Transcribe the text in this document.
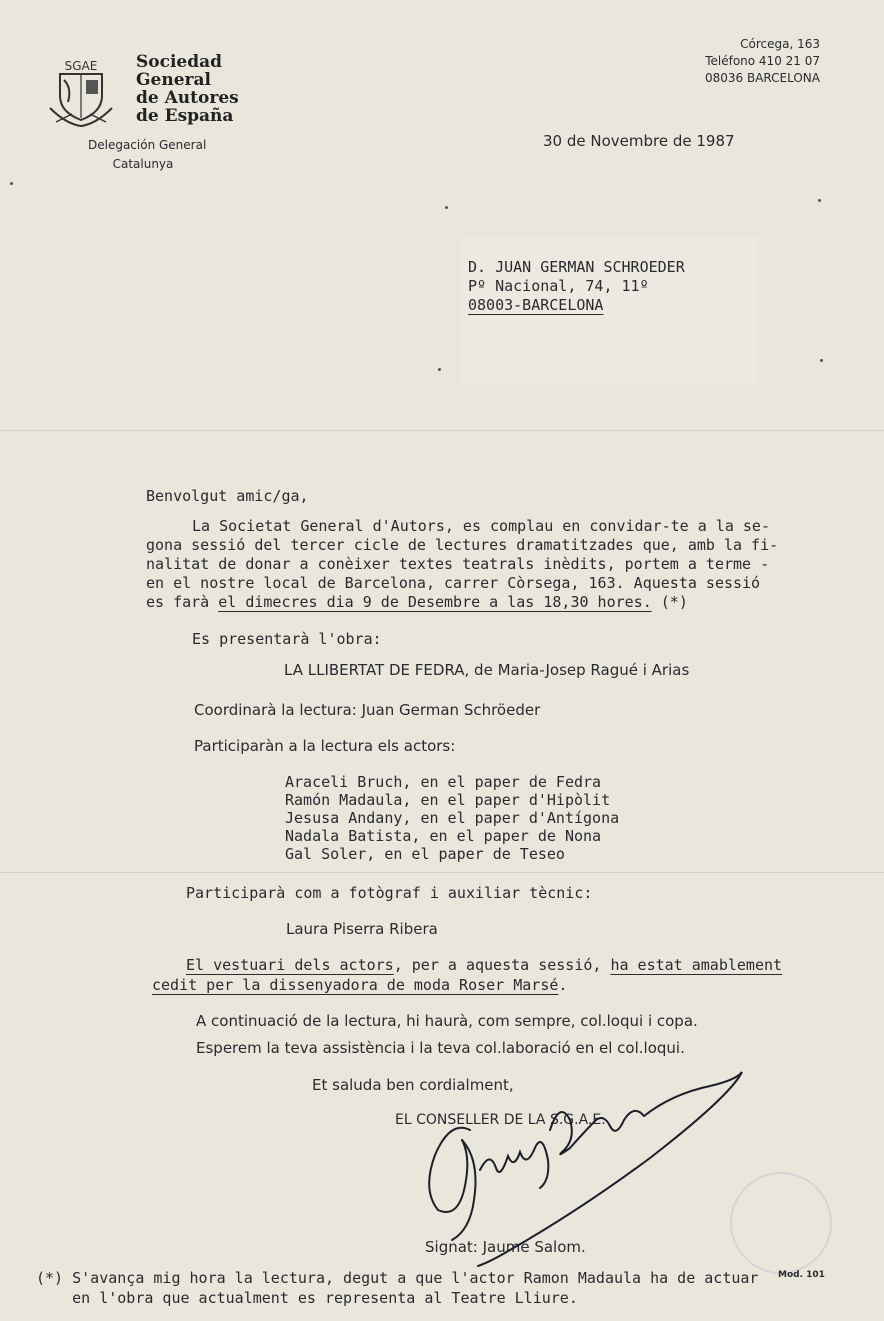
SGAE Sociedad
General
de Autores
de España
Delegación General
Catalunya
Córcega, 163
Teléfono 410 21 07
08036 BARCELONA
30 de Novembre de 1987
D. JUAN GERMAN SCHROEDER
Pº Nacional, 74, 11º
08003-BARCELONA
Benvolgut amic/ga,
La Societat General d'Autors, es complau en convidar-te a la se-
gona sessió del tercer cicle de lectures dramatitzades que, amb la fi-
nalitat de donar a conèixer textes teatrals inèdits, portem a terme -
en el nostre local de Barcelona, carrer Còrsega, 163. Aquesta sessió
es farà el dimecres dia 9 de Desembre a las 18,30 hores. (*)
Es presentarà l'obra:
LA LLIBERTAT DE FEDRA, de Maria-Josep Ragué i Arias
Coordinarà la lectura: Juan German Schröeder
Participaràn a la lectura els actors:
Araceli Bruch, en el paper de Fedra
Ramón Madaula, en el paper d'Hipòlit
Jesusa Andany, en el paper d'Antígona
Nadala Batista, en el paper de Nona
Gal Soler, en el paper de Teseo
Participarà com a fotògraf i auxiliar tècnic:
Laura Piserra Ribera
El vestuari dels actors, per a aquesta sessió, ha estat amablement
cedit per la dissenyadora de moda Roser Marsé.
A continuació de la lectura, hi haurà, com sempre, col.loqui i copa.
Esperem la teva assistència i la teva col.laboració en el col.loqui.
Et saluda ben cordialment,
EL CONSELLER DE LA S.G.A.E.
Signat: Jaume Salom.
(*) S'avança mig hora la lectura, degut a que l'actor Ramon Madaula ha de actuar
en l'obra que actualment es representa al Teatre Lliure.
Mod. 101
